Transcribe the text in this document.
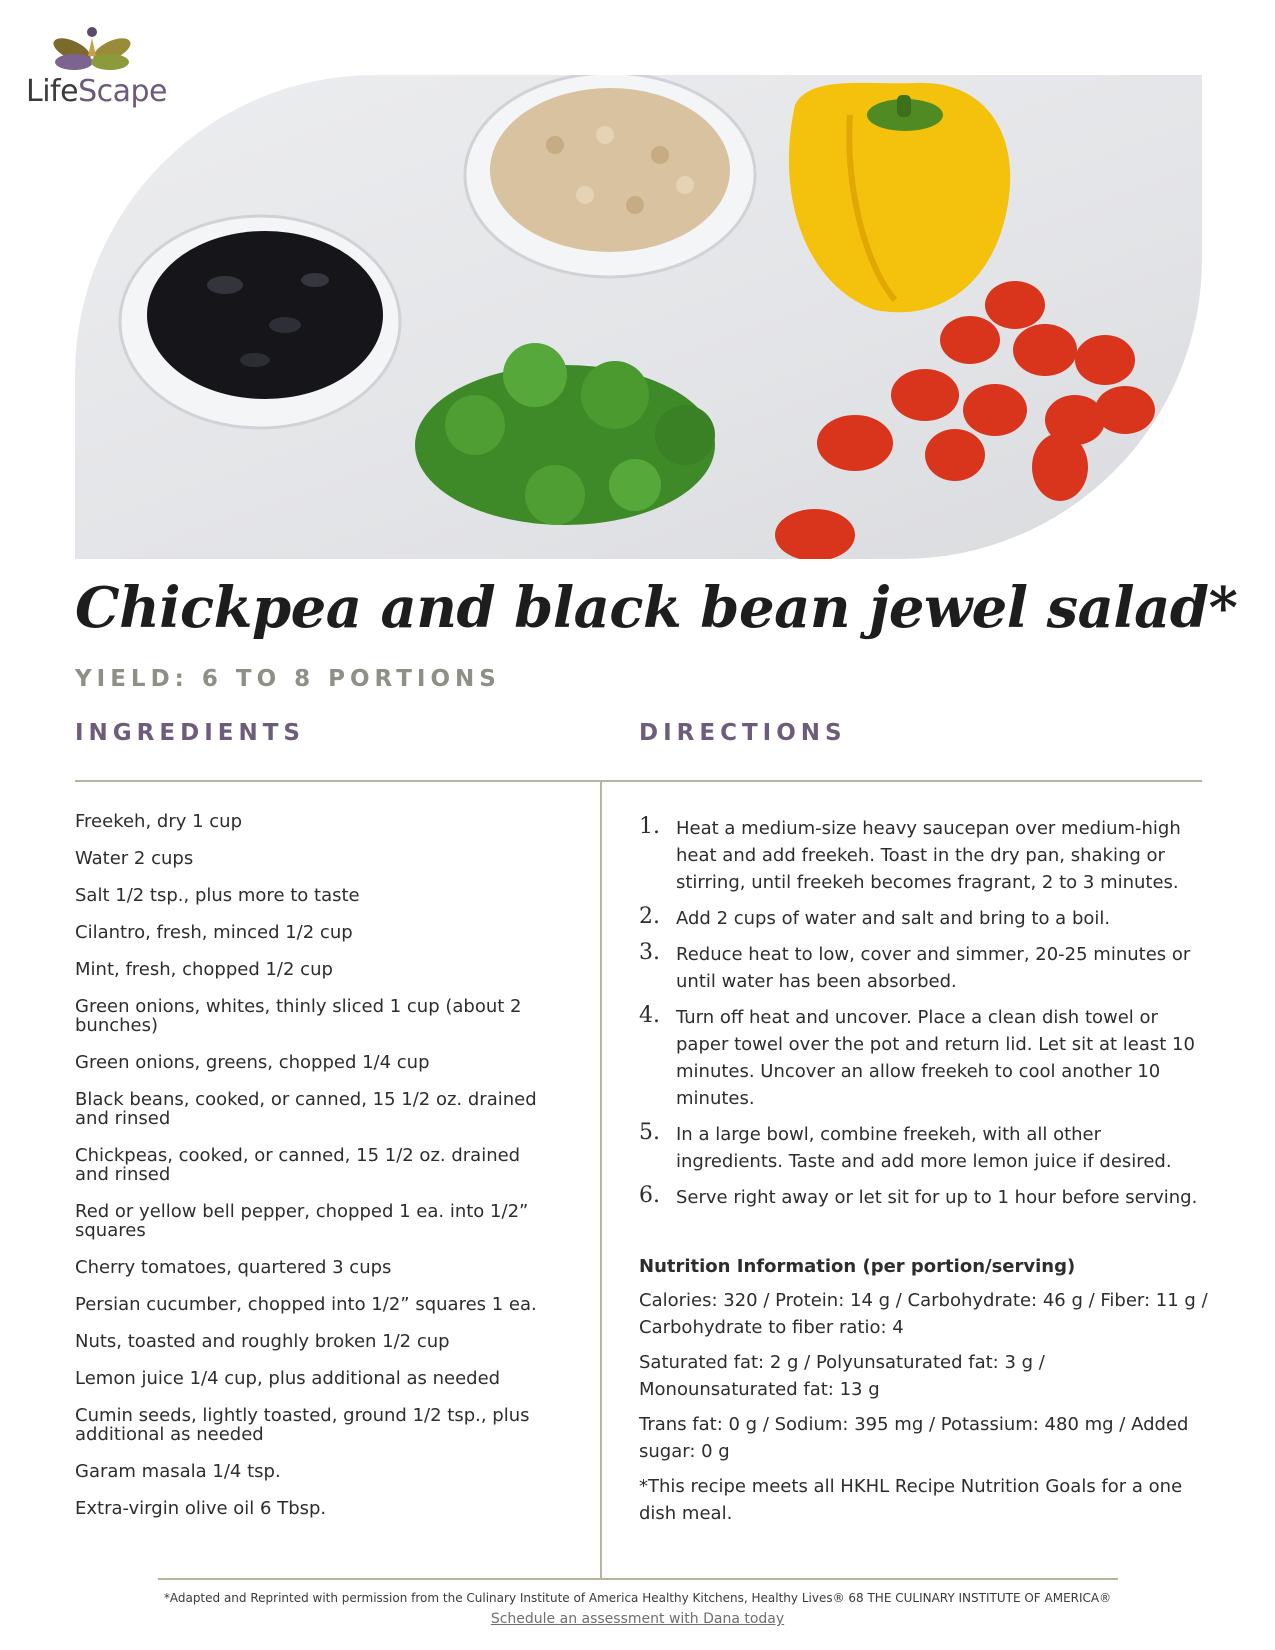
LifeScape
Chickpea and black bean jewel salad*

YIELD: 6 TO 8 PORTIONS

INGREDIENTS	DIRECTIONS
Freekeh, dry 1 cup
Water 2 cups
Salt 1/2 tsp., plus more to taste
Cilantro, fresh, minced 1/2 cup
Mint, fresh, chopped 1/2 cup
Green onions, whites, thinly sliced 1 cup (about 2 bunches)
Green onions, greens, chopped 1/4 cup
Black beans, cooked, or canned, 15 1/2 oz. drained and rinsed
Chickpeas, cooked, or canned, 15 1/2 oz. drained and rinsed
Red or yellow bell pepper, chopped 1 ea. into 1/2” squares
Cherry tomatoes, quartered 3 cups
Persian cucumber, chopped into 1/2” squares 1 ea.
Nuts, toasted and roughly broken 1/2 cup
Lemon juice 1/4 cup, plus additional as needed
Cumin seeds, lightly toasted, ground 1/2 tsp., plus additional as needed
Garam masala 1/4 tsp.
Extra-virgin olive oil 6 Tbsp.
1. Heat a medium-size heavy saucepan over medium-high heat and add freekeh. Toast in the dry pan, shaking or stirring, until freekeh becomes fragrant, 2 to 3 minutes.
2. Add 2 cups of water and salt and bring to a boil.
3. Reduce heat to low, cover and simmer, 20-25 minutes or until water has been absorbed.
4. Turn off heat and uncover. Place a clean dish towel or paper towel over the pot and return lid. Let sit at least 10 minutes. Uncover an allow freekeh to cool another 10 minutes.
5. In a large bowl, combine freekeh, with all other ingredients. Taste and add more lemon juice if desired.
6. Serve right away or let sit for up to 1 hour before serving.

Nutrition Information (per portion/serving)

Calories: 320 / Protein: 14 g / Carbohydrate: 46 g / Fiber: 11 g / Carbohydrate to fiber ratio: 4

Saturated fat: 2 g / Polyunsaturated fat: 3 g / Monounsaturated fat: 13 g

Trans fat: 0 g / Sodium: 395 mg / Potassium: 480 mg / Added sugar: 0 g

*This recipe meets all HKHL Recipe Nutrition Goals for a one dish meal.

*Adapted and Reprinted with permission from the Culinary Institute of America Healthy Kitchens, Healthy Lives® 68 THE CULINARY INSTITUTE OF AMERICA®
Schedule an assessment with Dana today
